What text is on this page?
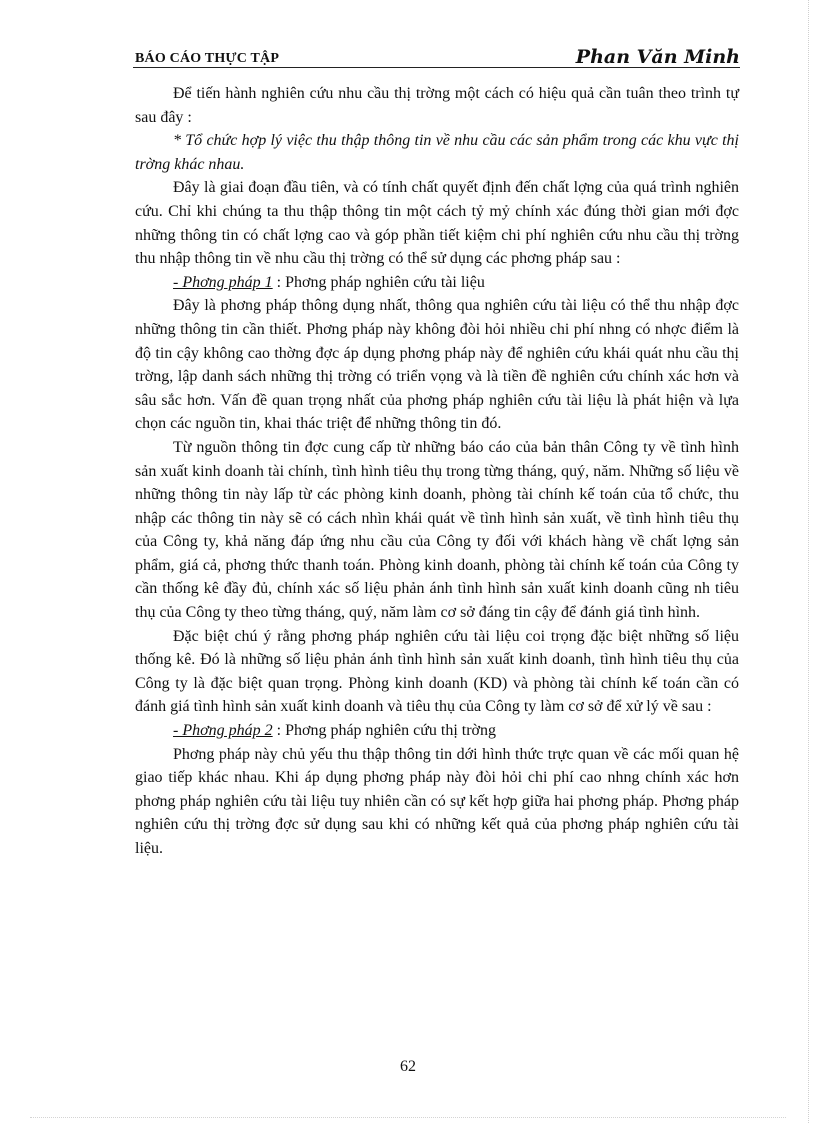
BÁO CÁO THỰC TẬP	Phan Văn Minh

Để tiến hành nghiên cứu nhu cầu thị trờng một cách có hiệu quả cần tuân theo trình tự sau đây :

* Tổ chức hợp lý việc thu thập thông tin về nhu cầu các sản phẩm trong các khu vực thị trờng khác nhau.

Đây là giai đoạn đầu tiên, và có tính chất quyết định đến chất lợng của quá trình nghiên cứu. Chỉ khi chúng ta thu thập thông tin một cách tỷ mỷ chính xác đúng thời gian mới đợc những thông tin có chất lợng cao và góp phần tiết kiệm chi phí nghiên cứu nhu cầu thị trờng thu nhập thông tin về nhu cầu thị trờng có thể sử dụng các phơng pháp sau :

- Phơng pháp 1 : Phơng pháp nghiên cứu tài liệu

Đây là phơng pháp thông dụng nhất, thông qua nghiên cứu tài liệu có thể thu nhập đợc những thông tin cần thiết. Phơng pháp này không đòi hỏi nhiều chi phí nhng có nhợc điểm là độ tin cậy không cao thờng đợc áp dụng phơng pháp này để nghiên cứu khái quát nhu cầu thị trờng, lập danh sách những thị trờng có triển vọng và là tiền đề nghiên cứu chính xác hơn và sâu sắc hơn. Vấn đề quan trọng nhất của phơng pháp nghiên cứu tài liệu là phát hiện và lựa chọn các nguồn tin, khai thác triệt để những thông tin đó.

Từ nguồn thông tin đợc cung cấp từ những báo cáo của bản thân Công ty về tình hình sản xuất kinh doanh tài chính, tình hình tiêu thụ trong từng tháng, quý, năm. Những số liệu về những thông tin này lấp từ các phòng kinh doanh, phòng tài chính kế toán của tổ chức, thu nhập các thông tin này sẽ có cách nhìn khái quát về tình hình sản xuất, về tình hình tiêu thụ của Công ty, khả năng đáp ứng nhu cầu của Công ty đối với khách hàng về chất lợng sản phẩm, giá cả, phơng thức thanh toán. Phòng kinh doanh, phòng tài chính kế toán của Công ty cần thống kê đầy đủ, chính xác số liệu phản ánh tình hình sản xuất kinh doanh cũng nh tiêu thụ của Công ty theo từng tháng, quý, năm làm cơ sở đáng tin cậy để đánh giá tình hình.

Đặc biệt chú ý rằng phơng pháp nghiên cứu tài liệu coi trọng đặc biệt những số liệu thống kê. Đó là những số liệu phản ánh tình hình sản xuất kinh doanh, tình hình tiêu thụ của Công ty là đặc biệt quan trọng. Phòng kinh doanh (KD) và phòng tài chính kế toán cần có đánh giá tình hình sản xuất kinh doanh và tiêu thụ của Công ty làm cơ sở để xử lý về sau :

- Phơng pháp 2 : Phơng pháp nghiên cứu thị trờng

Phơng pháp này chủ yếu thu thập thông tin dới hình thức trực quan về các mối quan hệ giao tiếp khác nhau. Khi áp dụng phơng pháp này đòi hỏi chi phí cao nhng chính xác hơn phơng pháp nghiên cứu tài liệu tuy nhiên cần có sự kết hợp giữa hai phơng pháp. Phơng pháp nghiên cứu thị trờng đợc sử dụng sau khi có những kết quả của phơng pháp nghiên cứu tài liệu.

62
